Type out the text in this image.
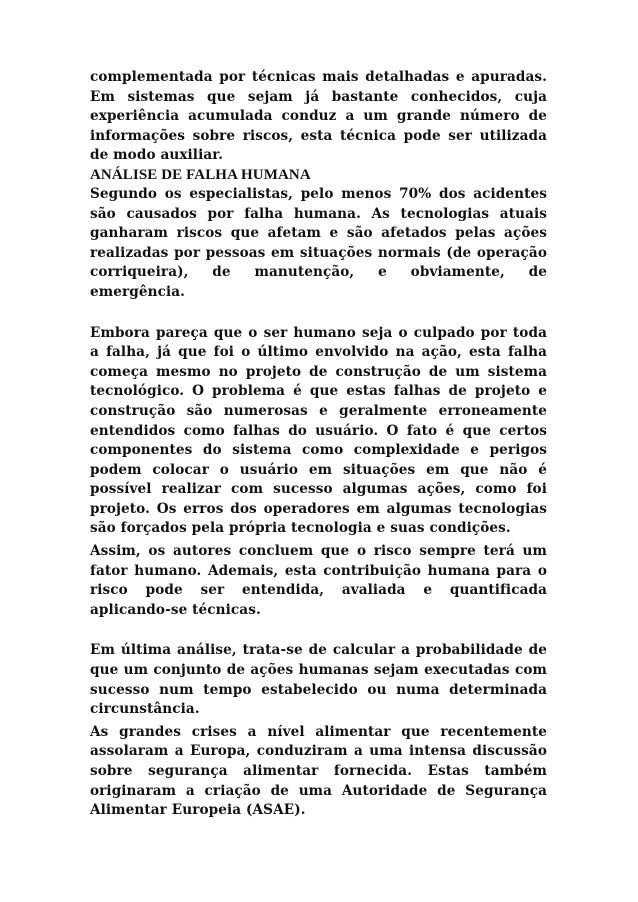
complementada por técnicas mais detalhadas e apuradas. Em sistemas que sejam já bastante conhecidos, cuja experiência acumulada conduz a um grande número de informações sobre riscos, esta técnica pode ser utilizada de modo auxiliar.

ANÁLISE DE FALHA HUMANA

Segundo os especialistas, pelo menos 70% dos acidentes são causados por falha humana. As tecnologias atuais ganharam riscos que afetam e são afetados pelas ações realizadas por pessoas em situações normais (de operação corriqueira), de manutenção, e obviamente, de emergência.

Embora pareça que o ser humano seja o culpado por toda a falha, já que foi o último envolvido na ação, esta falha começa mesmo no projeto de construção de um sistema tecnológico. O problema é que estas falhas de projeto e construção são numerosas e geralmente erroneamente entendidos como falhas do usuário. O fato é que certos componentes do sistema como complexidade e perigos podem colocar o usuário em situações em que não é possível realizar com sucesso algumas ações, como foi projeto. Os erros dos operadores em algumas tecnologias são forçados pela própria tecnologia e suas condições.

Assim, os autores concluem que o risco sempre terá um fator humano. Ademais, esta contribuição humana para o risco pode ser entendida, avaliada e quantificada aplicando-se técnicas.

Em última análise, trata-se de calcular a probabilidade de que um conjunto de ações humanas sejam executadas com sucesso num tempo estabelecido ou numa determinada circunstância.

As grandes crises a nível alimentar que recentemente assolaram a Europa, conduziram a uma intensa discussão sobre segurança alimentar fornecida. Estas também originaram a criação de uma Autoridade de Segurança Alimentar Europeia (ASAE).
